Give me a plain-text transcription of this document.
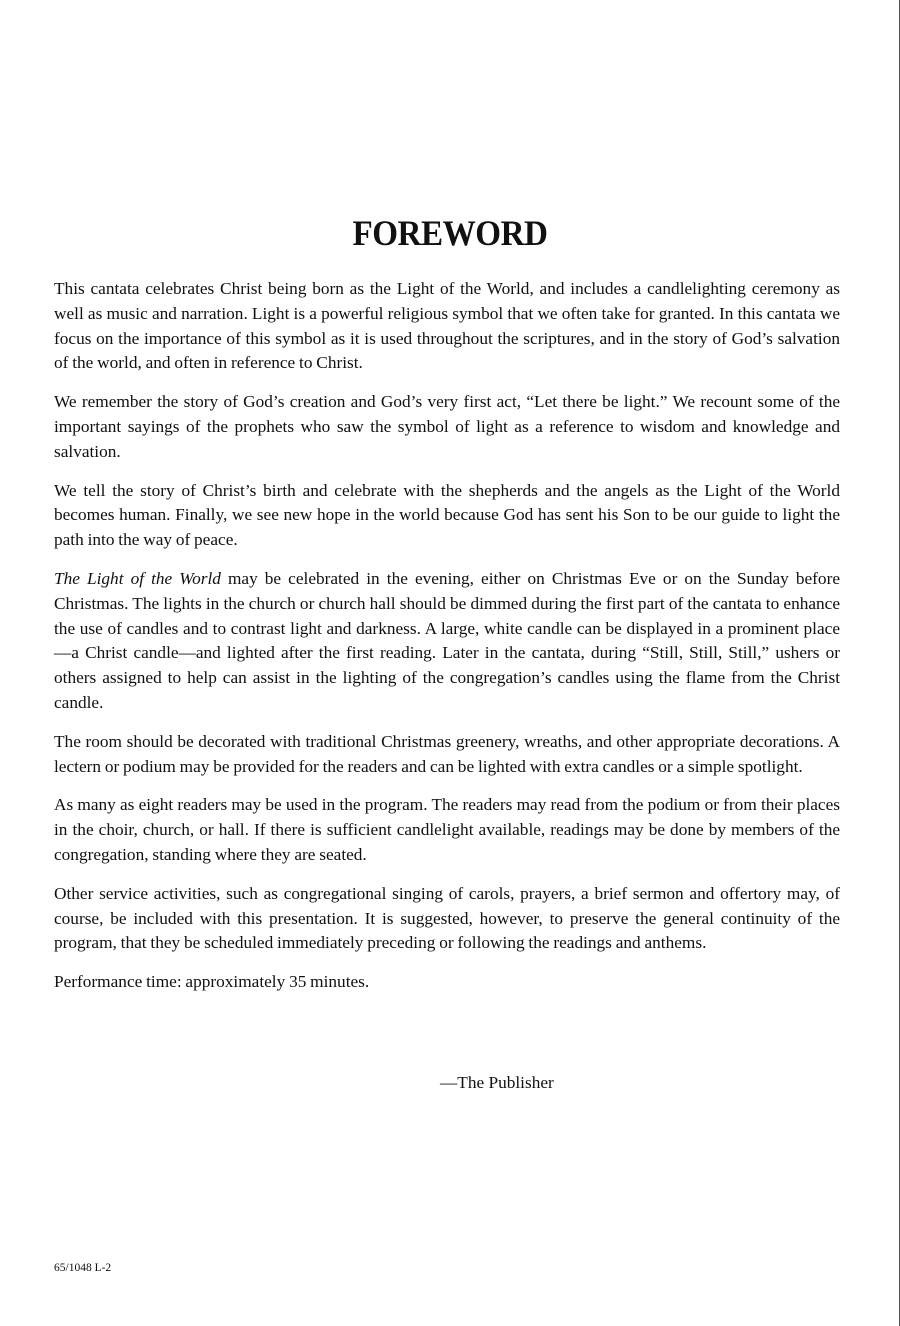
FOREWORD

This cantata celebrates Christ being born as the Light of the World, and includes a candlelighting ceremony as well as music and narration. Light is a powerful religious symbol that we often take for granted. In this cantata we focus on the importance of this symbol as it is used throughout the scriptures, and in the story of God’s salvation of the world, and often in reference to Christ.

We remember the story of God’s creation and God’s very first act, “Let there be light.” We recount some of the important sayings of the prophets who saw the symbol of light as a reference to wisdom and knowledge and salvation.

We tell the story of Christ’s birth and celebrate with the shepherds and the angels as the Light of the World becomes human. Finally, we see new hope in the world because God has sent his Son to be our guide to light the path into the way of peace.

The Light of the World may be celebrated in the evening, either on Christmas Eve or on the Sunday before Christmas. The lights in the church or church hall should be dimmed during the first part of the cantata to enhance the use of candles and to contrast light and darkness. A large, white candle can be displayed in a prominent place—a Christ candle—and lighted after the first reading. Later in the cantata, during “Still, Still, Still,” ushers or others assigned to help can assist in the lighting of the congregation’s candles using the flame from the Christ candle.

The room should be decorated with traditional Christmas greenery, wreaths, and other appropriate decorations. A lectern or podium may be provided for the readers and can be lighted with extra candles or a simple spotlight.

As many as eight readers may be used in the program. The readers may read from the podium or from their places in the choir, church, or hall. If there is sufficient candlelight available, readings may be done by members of the congregation, standing where they are seated.

Other service activities, such as congregational singing of carols, prayers, a brief sermon and offertory may, of course, be included with this presentation. It is suggested, however, to preserve the general continuity of the program, that they be scheduled immediately preceding or following the readings and anthems.

Performance time: approximately 35 minutes.

—The Publisher
65/1048 L-2
